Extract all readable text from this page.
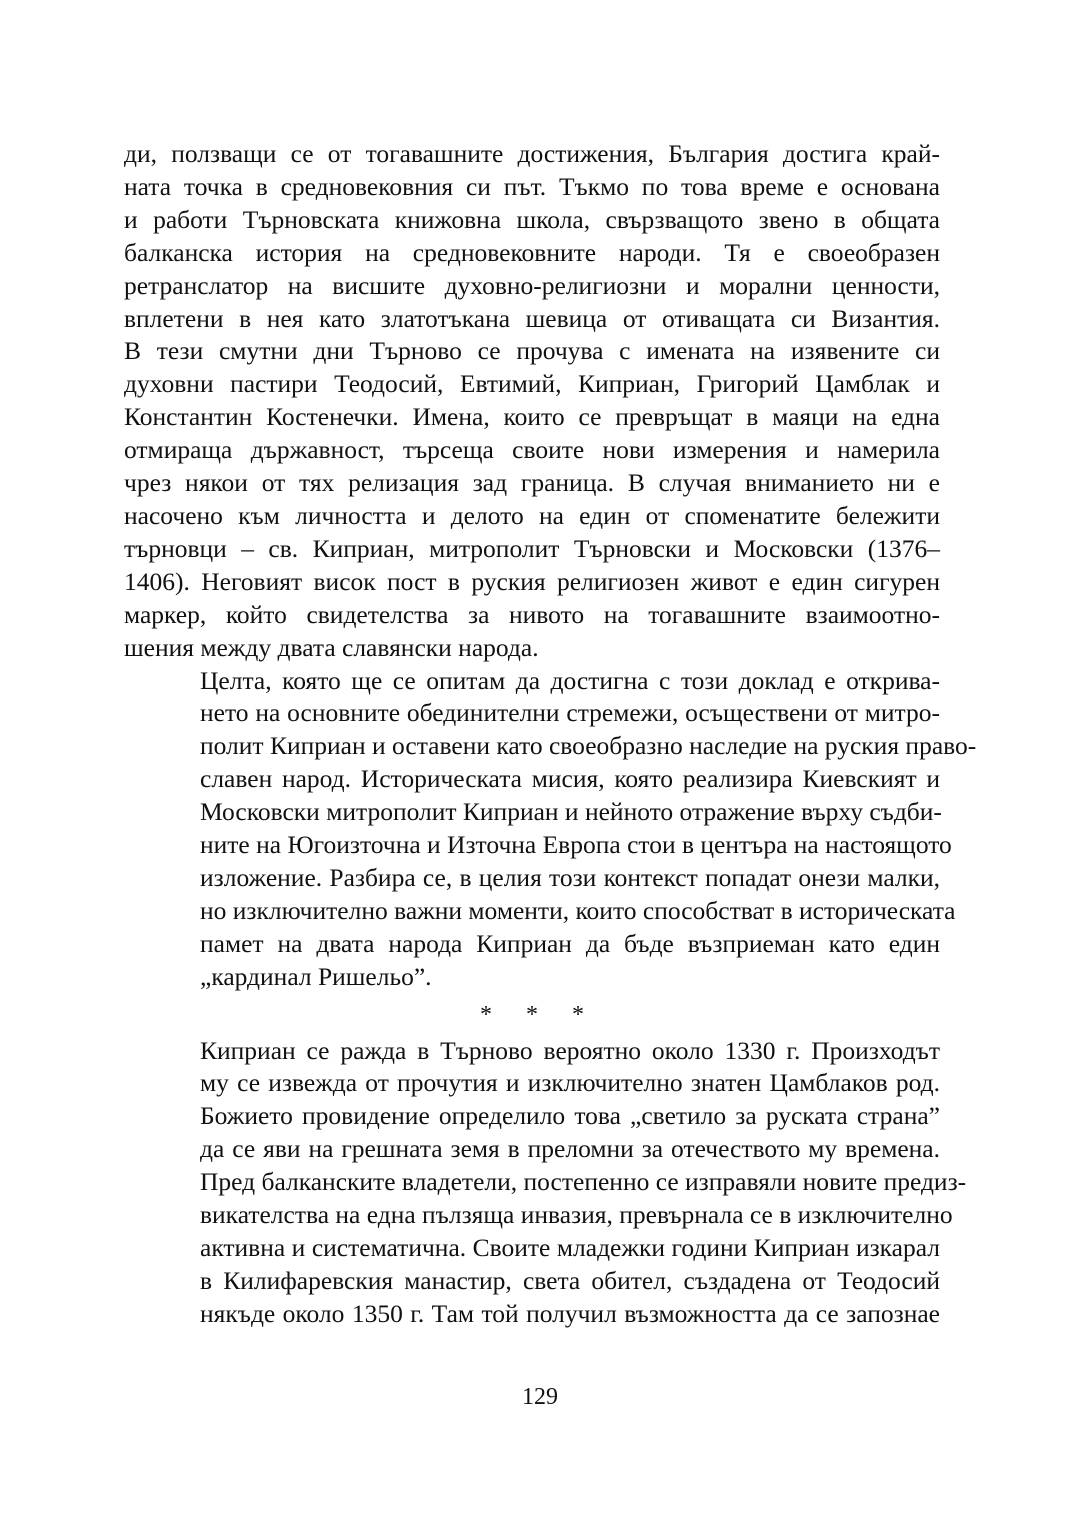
ди, ползващи се от тогавашните достижения, България достига край-
ната точка в средновековния си път. Тъкмо по това време е основана
и работи Търновската книжовна школа, свързващото звено в общата
балканска история на средновековните народи. Тя е своеобразен
ретранслатор на висшите духовно-религиозни и морални ценности,
вплетени в нея като златотъкана шевица от отиващата си Византия.
В тези смутни дни Търново се прочува с имената на изявените си
духовни пастири Теодосий, Евтимий, Киприан, Григорий Цамблак и
Константин Костенечки. Имена, които се превръщат в маяци на една
отмираща държавност, търсеща своите нови измерения и намерила
чрез някои от тях релизация зад граница. В случая вниманието ни е
насочено към личността и делото на един от споменатите бележити
търновци – св. Киприан, митрополит Търновски и Московски (1376–
1406). Неговият висок пост в руския религиозен живот е един сигурен
маркер, който свидетелства за нивото на тогавашните взаимоотно-
шения между двата славянски народа.

Целта, която ще се опитам да достигна с този доклад е открива-
нето на основните обединителни стремежи, осъществени от митро-
полит Киприан и оставени като своеобразно наследие на руския право-
славен народ. Историческата мисия, която реализира Киевският и
Московски митрополит Киприан и нейното отражение върху съдби-
ните на Югоизточна и Източна Европа стои в центъра на настоящото
изложение. Разбира се, в целия този контекст попадат онези малки,
но изключително важни моменти, които способстват в историческата
памет на двата народа Киприан да бъде възприеман като един
„кардинал Ришельо”.

* * *

Киприан се ражда в Търново вероятно около 1330 г. Произходът
му се извежда от прочутия и изключително знатен Цамблаков род.
Божието провидение определило това „светило за руската страна”
да се яви на грешната земя в преломни за отечеството му времена.
Пред балканските владетели, постепенно се изправяли новите предиз-
викателства на една пълзяща инвазия, превърнала се в изключително
активна и систематична. Своите младежки години Киприан изкарал
в Килифаревския манастир, света обител, създадена от Теодосий
някъде около 1350 г. Там той получил възможността да се запознае

129
